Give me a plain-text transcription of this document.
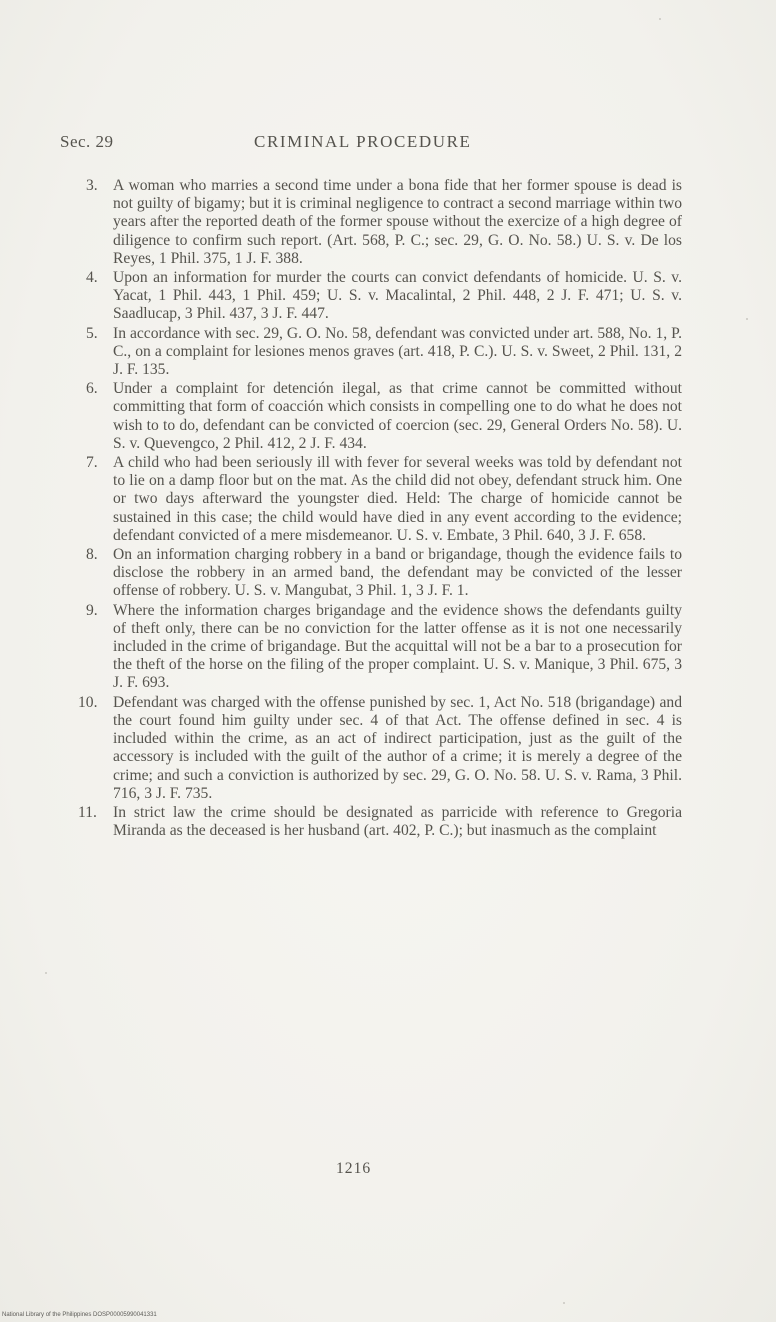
Sec. 29	CRIMINAL PROCEDURE
3. A woman who marries a second time under a bona fide that her former spouse is dead is not guilty of bigamy; but it is criminal negligence to contract a second marriage within two years after the reported death of the former spouse without the exercize of a high degree of diligence to confirm such report. (Art. 568, P. C.; sec. 29, G. O. No. 58.) U. S. v. De los Reyes, 1 Phil. 375, 1 J. F. 388.
4. Upon an information for murder the courts can convict defendants of homicide. U. S. v. Yacat, 1 Phil. 443, 1 Phil. 459; U. S. v. Macalintal, 2 Phil. 448, 2 J. F. 471; U. S. v. Saadlucap, 3 Phil. 437, 3 J. F. 447.
5. In accordance with sec. 29, G. O. No. 58, defendant was convicted under art. 588, No. 1, P. C., on a complaint for lesiones menos graves (art. 418, P. C.). U. S. v. Sweet, 2 Phil. 131, 2 J. F. 135.
6. Under a complaint for detención ilegal, as that crime cannot be committed without committing that form of coacción which consists in compelling one to do what he does not wish to to do, defendant can be convicted of coercion (sec. 29, General Orders No. 58). U. S. v. Quevengco, 2 Phil. 412, 2 J. F. 434.
7. A child who had been seriously ill with fever for several weeks was told by defendant not to lie on a damp floor but on the mat. As the child did not obey, defendant struck him. One or two days afterward the youngster died. Held: The charge of homicide cannot be sustained in this case; the child would have died in any event according to the evidence; defendant convicted of a mere misdemeanor. U. S. v. Embate, 3 Phil. 640, 3 J. F. 658.
8. On an information charging robbery in a band or brigandage, though the evidence fails to disclose the robbery in an armed band, the defendant may be convicted of the lesser offense of robbery. U. S. v. Mangubat, 3 Phil. 1, 3 J. F. 1.
9. Where the information charges brigandage and the evidence shows the defendants guilty of theft only, there can be no conviction for the latter offense as it is not one necessarily included in the crime of brigandage. But the acquittal will not be a bar to a prosecution for the theft of the horse on the filing of the proper complaint. U. S. v. Manique, 3 Phil. 675, 3 J. F. 693.
10. Defendant was charged with the offense punished by sec. 1, Act No. 518 (brigandage) and the court found him guilty under sec. 4 of that Act. The offense defined in sec. 4 is included within the crime, as an act of indirect participation, just as the guilt of the accessory is included with the guilt of the author of a crime; it is merely a degree of the crime; and such a conviction is authorized by sec. 29, G. O. No. 58. U. S. v. Rama, 3 Phil. 716, 3 J. F. 735.
11.	In strict law the crime should be designated as parricide with reference to Gregoria Miranda as the deceased is her husband (art. 402, P. C.); but inasmuch as the complaint
1216
National Library of the Philippines DOSP00005990041331
